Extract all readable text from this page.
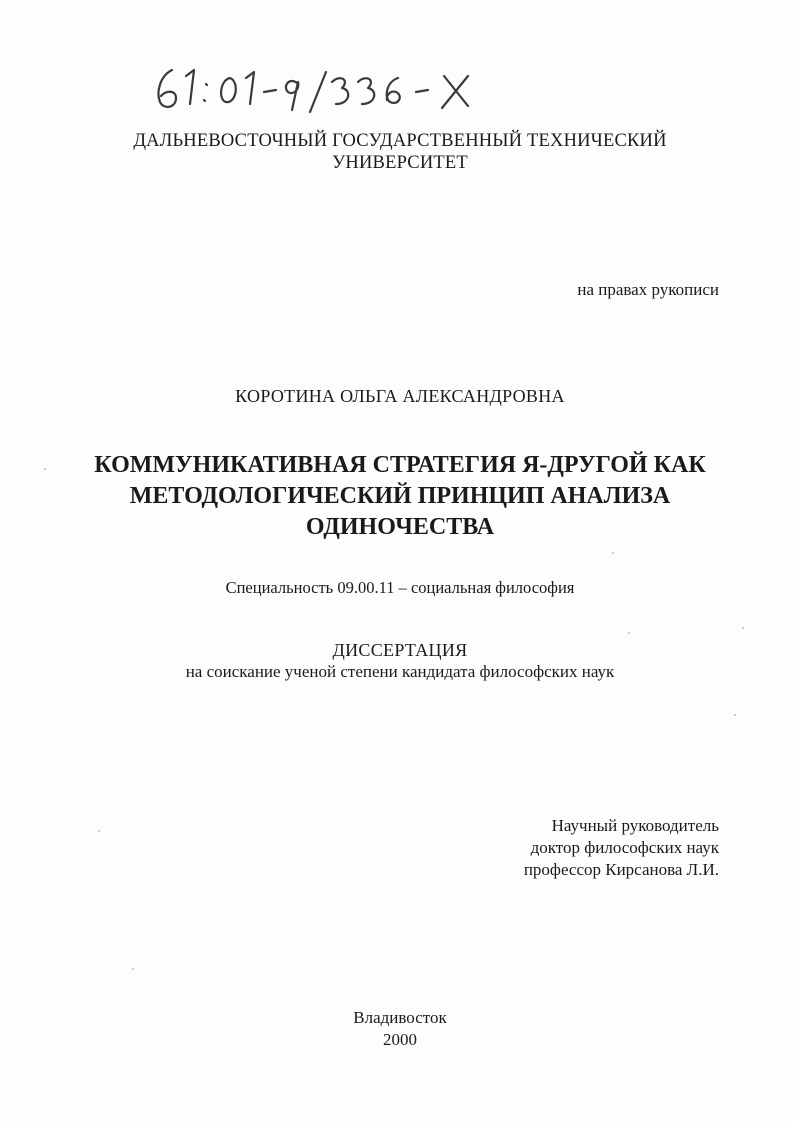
ДАЛЬНЕВОСТОЧНЫЙ ГОСУДАРСТВЕННЫЙ ТЕХНИЧЕСКИЙ
УНИВЕРСИТЕТ
на правах рукописи
КОРОТИНА ОЛЬГА АЛЕКСАНДРОВНА
КОММУНИКАТИВНАЯ СТРАТЕГИЯ Я-ДРУГОЙ КАК
МЕТОДОЛОГИЧЕСКИЙ ПРИНЦИП АНАЛИЗА
ОДИНОЧЕСТВА
Специальность 09.00.11 – социальная философия
ДИССЕРТАЦИЯ
на соискание ученой степени кандидата философских наук
Научный руководитель
доктор философских наук
профессор Кирсанова Л.И.
Владивосток
2000
